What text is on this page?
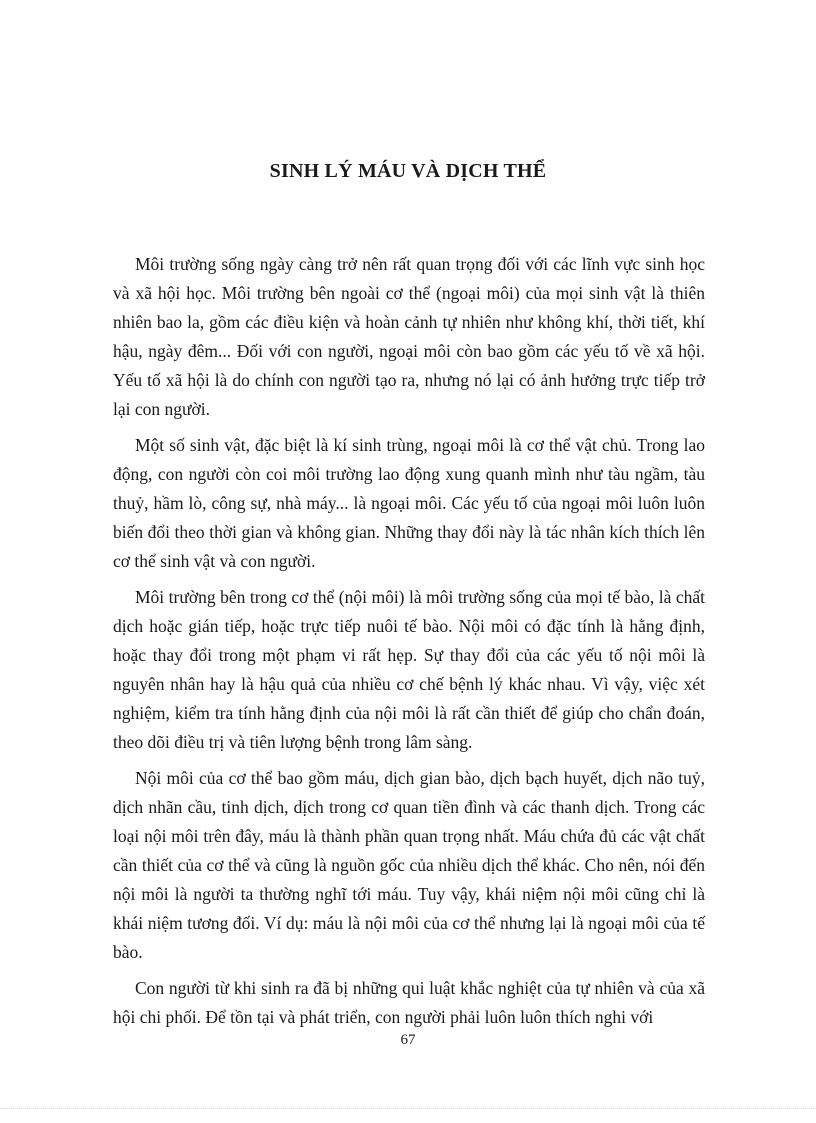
SINH LÝ MÁU VÀ DỊCH THỂ

Môi trường sống ngày càng trở nên rất quan trọng đối với các lĩnh vực sinh học và xã hội học. Môi trường bên ngoài cơ thể (ngoại môi) của mọi sinh vật là thiên nhiên bao la, gồm các điều kiện và hoàn cảnh tự nhiên như không khí, thời tiết, khí hậu, ngày đêm... Đối với con người, ngoại môi còn bao gồm các yếu tố về xã hội. Yếu tố xã hội là do chính con người tạo ra, nhưng nó lại có ảnh hưởng trực tiếp trở lại con người.

Một số sinh vật, đặc biệt là kí sinh trùng, ngoại môi là cơ thể vật chủ. Trong lao động, con người còn coi môi trường lao động xung quanh mình như tàu ngầm, tàu thuỷ, hầm lò, công sự, nhà máy... là ngoại môi. Các yếu tố của ngoại môi luôn luôn biến đổi theo thời gian và không gian. Những thay đổi này là tác nhân kích thích lên cơ thể sinh vật và con người.

Môi trường bên trong cơ thể (nội môi) là môi trường sống của mọi tế bào, là chất dịch hoặc gián tiếp, hoặc trực tiếp nuôi tế bào. Nội môi có đặc tính là hằng định, hoặc thay đổi trong một phạm vi rất hẹp. Sự thay đổi của các yếu tố nội môi là nguyên nhân hay là hậu quả của nhiều cơ chế bệnh lý khác nhau. Vì vậy, việc xét nghiệm, kiểm tra tính hằng định của nội môi là rất cần thiết để giúp cho chẩn đoán, theo dõi điều trị và tiên lượng bệnh trong lâm sàng.

Nội môi của cơ thể bao gồm máu, dịch gian bào, dịch bạch huyết, dịch não tuỷ, dịch nhãn cầu, tinh dịch, dịch trong cơ quan tiền đình và các thanh dịch. Trong các loại nội môi trên đây, máu là thành phần quan trọng nhất. Máu chứa đủ các vật chất cần thiết của cơ thể và cũng là nguồn gốc của nhiều dịch thể khác. Cho nên, nói đến nội môi là người ta thường nghĩ tới máu. Tuy vậy, khái niệm nội môi cũng chỉ là khái niệm tương đối. Ví dụ: máu là nội môi của cơ thể nhưng lại là ngoại môi của tế bào.

Con người từ khi sinh ra đã bị những qui luật khắc nghiệt của tự nhiên và của xã hội chi phối. Để tồn tại và phát triển, con người phải luôn luôn thích nghi với

67
